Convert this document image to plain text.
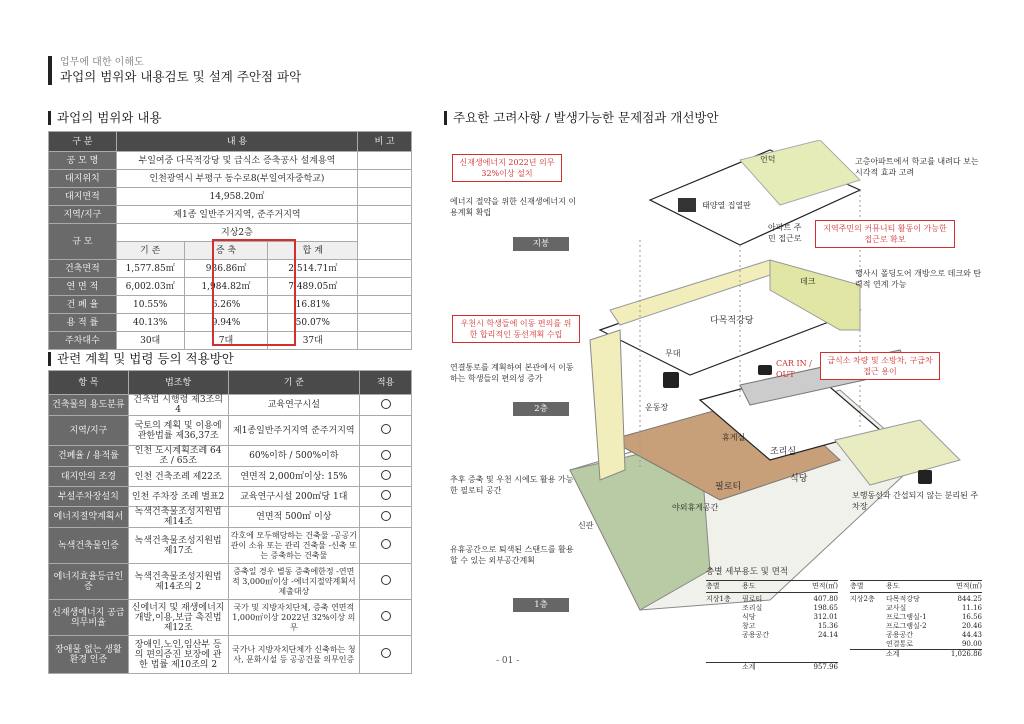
업무에 대한 이해도
과업의 범위와 내용검토 및 설계 주안점 파악
과업의 범위와 내용
관련 계획 및 법령 등의 적용방안
주요한 고려사항 / 발생가능한 문제점과 개선방안
구 분	내 용			비 고
공 모 명	부일여중 다목적강당 및 급식소 증축공사 설계용역			
대지위치	인천광역시 부평구 동수로8(부일여자중학교)			
대지면적	14,958.20㎡			
지역/지구	제1종 일반주거지역, 준주거지역			
규 모	지상2층			
	기 존	증 축	합 계	
건축면적	1,577.85㎡	936.86㎡	2,514.71㎡	
연 면 적	6,002.03㎡	1,984.82㎡	7,489.05㎡	
건 폐 율	10.55%	6.26%	16.81%	
용 적 률	40.13%	9.94%	50.07%	
주차대수	30대	7대	37대	
항 목	법조항	기 준	적용
건축물의 용도분류	건축법 시행령 제3조의 4	교육연구시설	
지역/지구	국토의 계획 및 이용에 관한법률 제36,37조	제1종일반주거지역 준주거지역	
건폐율 / 용적률	인천 도시계획조례 64조 / 65조	60%이하 / 500%이하	
대지안의 조경	인천 건축조례 제22조	연면적 2,000㎡이상: 15%	
부설주차장설치	인천 주차장 조례 별표2	교육연구시설 200㎡당 1대	
에너지절약계획서	녹색건축물조성지원법 제14조	연면적 500㎡ 이상	
녹색건축물인증	녹색건축물조성지원법 제17조	각호에 모두해당하는 건축물 -공공기관이 소유 또는 관리 건축물 -신축 또는 증축하는 건축물	
에너지효율등급인증	녹색건축물조성지원법 제14조의 2	증축일 경우 별동 증축에한정 -연면적 3,000㎡이상 -에너지절약계획서 제출대상	
신재생에너지 공급의무비율	신에너지 및 재생에너지 개발,이용,보급 촉진법 제12조	국가 및 지방자치단체, 증축 연면적 1,000㎡이상 2022년 32%이상 의무	
장애물 없는 생활환경 인증	장애인,노인,임산부 등의 편의증진 보장에 관한 법률 제10조의 2	국가나 지방자치단체가 신축하는 청사, 문화시설 등 공공건물 의무인증	
언덕
태양열 집열판
아파트 주민 접근로
데크
다목적강당
무대
운동장
휴게실
조리실
식당
필로티
야외휴게공간
신관
CAR IN / OUT
지붕
2층
1층
신재생에너지 2022년 의무 32%이상 설치
에너지 절약을 위한 신재생에너지 이용계획 확립
고층아파트에서 학교를 내려다 보는 시각적 효과 고려
지역주민의 커뮤니티 활동이 가능한 접근로 확보
행사시 폴딩도어 개방으로 데크와 탄력적 연계 가능
우천시 학생들에 이동 편의를 위한 합리적인 동선계획 수립
연결통로를 계획하여 본관에서 이동하는 학생들의 편의성 증가
급식소 차량 및 소방차, 구급차 접근 용이
추후 증축 및 우천 시에도 활용 가능한 필로티 공간
보행동선과 간섭되지 않는 분리된 주차장
유휴공간으로 퇴색된 스탠드를 활용할 수 있는 외부공간계획
층별 세부용도 및 면적
층별	용도	면적(㎡)
지상1층	필로티	407.80
조리실	198.65
식당	312.01
창고	15.36
공용공간	24.14
소계	957.96
층별	용도	면적(㎡)
지상2층	다목적강당	844.25
교사실	11.16
프로그램실-1	16.56
프로그램실-2	20.46
공용공간	44.43
연결통로	90.00
소계	1,026.86
- 01 -
